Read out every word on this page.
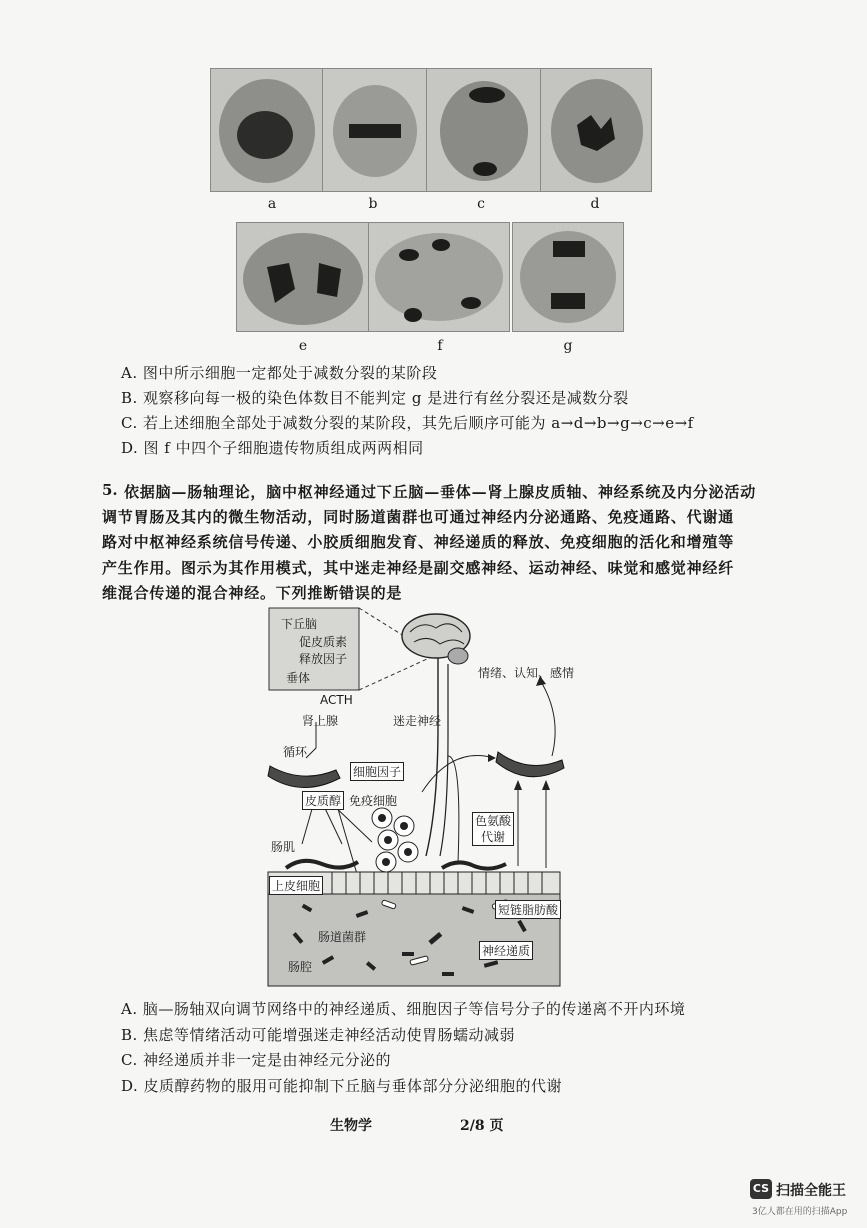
a	b	c	d
e	f	g
A. 图中所示细胞一定都处于减数分裂的某阶段
B. 观察移向每一极的染色体数目不能判定 g 是进行有丝分裂还是减数分裂
C. 若上述细胞全部处于减数分裂的某阶段，其先后顺序可能为 a→d→b→g→c→e→f
D. 图 f 中四个子细胞遗传物质组成两两相同
5. 依据脑—肠轴理论，脑中枢神经通过下丘脑—垂体—肾上腺皮质轴、神经系统及内分泌活动
调节胃肠及其内的微生物活动，同时肠道菌群也可通过神经内分泌通路、免疫通路、代谢通
路对中枢神经系统信号传递、小胶质细胞发育、神经递质的释放、免疫细胞的活化和增殖等
产生作用。图示为其作用模式，其中迷走神经是副交感神经、运动神经、味觉和感觉神经纤
维混合传递的混合神经。下列推断错误的是
下丘脑
促皮质素
释放因子
垂体
ACTH
肾上腺	迷走神经
情绪、认知、感情
循环
细胞因子
皮质醇 免疫细胞
色氨酸
代谢
肠肌
上皮细胞
短链脂肪酸
肠道菌群
神经递质
肠腔
A. 脑—肠轴双向调节网络中的神经递质、细胞因子等信号分子的传递离不开内环境
B. 焦虑等情绪活动可能增强迷走神经活动使胃肠蠕动减弱
C. 神经递质并非一定是由神经元分泌的
D. 皮质醇药物的服用可能抑制下丘脑与垂体部分分泌细胞的代谢
生物学	2/8 页
CS 扫描全能王
3亿人都在用的扫描App
